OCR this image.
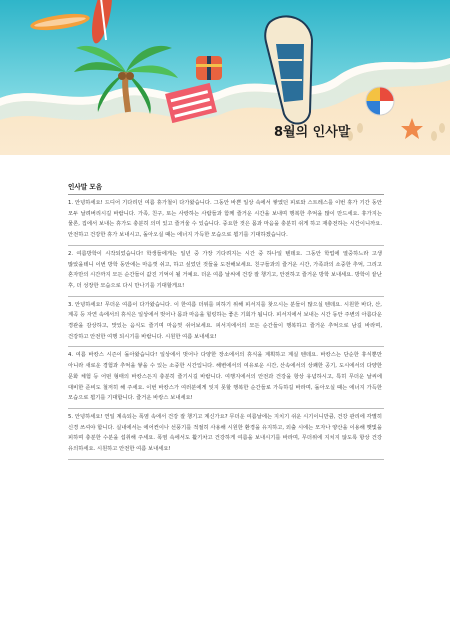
8월의 인사말
인사말 모음

1. 안녕하세요! 드디어 기다리던 여름 휴가철이 다가왔습니다. 그동안 바쁜 일상 속에서 쌓였던 피로와 스트레스를 이번 휴가 기간 동안 모두 날려버리시길 바랍니다. 가족, 친구, 또는 사랑하는 사람들과 함께 즐거운 시간을 보내며 행복한 추억을 많이 만드세요. 휴가지는 물론, 집에서 보내는 휴가도 충분히 의미 있고 즐거울 수 있습니다. 중요한 것은 몸과 마음을 충분히 쉬게 하고 재충전하는 시간이니까요. 안전하고 건강한 휴가 보내시고, 돌아오실 때는 에너지 가득한 모습으로 뵙기를 기대하겠습니다.

2. 여름방학이 시작되었습니다! 학생들에게는 일년 중 가장 기다려지는 시간 중 하나일 텐데요. 그동안 학업에 열중하느라 고생 많았을테니 이번 방학 동안에는 마음껏 쉬고, 하고 싶었던 것들을 도전해보세요. 친구들과의 즐거운 시간, 가족과의 소중한 추억, 그리고 혼자만의 시간까지 모든 순간들이 값진 기억이 될 거예요. 더운 여름 날씨에 건강 잘 챙기고, 안전하고 즐거운 방학 보내세요. 방학이 끝난 후, 더 성장한 모습으로 다시 만나기를 기대할게요!

3. 안녕하세요! 무더운 여름이 다가왔습니다. 이 한여름 더위를 피하기 위해 피서지를 찾으시는 분들이 많으실 텐데요. 시원한 바다, 산, 계곡 등 자연 속에서의 휴식은 일상에서 벗어나 몸과 마음을 힐링하는 좋은 기회가 됩니다. 피서지에서 보내는 시간 동안 주변의 아름다운 경관을 감상하고, 맛있는 음식도 즐기며 마음껏 쉬어보세요. 피서지에서의 모든 순간들이 행복하고 즐거운 추억으로 남길 바라며, 건강하고 안전한 여행 되시기를 바랍니다. 시원한 여름 보내세요!

4. 여름 바캉스 시즌이 돌아왔습니다! 일상에서 벗어나 다양한 장소에서의 휴식을 계획하고 계실 텐데요. 바캉스는 단순한 휴식뿐만 아니라 새로운 경험과 추억을 쌓을 수 있는 소중한 시간입니다. 해변에서의 여유로운 시간, 산속에서의 상쾌한 공기, 도시에서의 다양한 문화 체험 등 어떤 형태의 바캉스든지 충분히 즐기시길 바랍니다. 여행지에서의 안전과 건강을 항상 유념하시고, 특히 무더운 날씨에 대비한 준비도 철저히 해 주세요. 이번 바캉스가 여러분에게 잊지 못할 행복한 순간들로 가득하길 바라며, 돌아오실 때는 에너지 가득한 모습으로 뵙기를 기대합니다. 즐거운 바캉스 보내세요!

5. 안녕하세요! 연일 계속되는 폭염 속에서 건강 잘 챙기고 계신가요? 무더운 여름날에는 지치기 쉬운 시기이니만큼, 건강 관리에 각별히 신경 쓰셔야 합니다. 실내에서는 에어컨이나 선풍기를 적절히 사용해 시원한 환경을 유지하고, 외출 시에는 모자나 양산을 이용해 햇빛을 피하며 충분한 수분을 섭취해 주세요. 폭염 속에서도 활기차고 건강하게 여름을 보내시기를 바라며, 무더위에 지치지 않도록 항상 건강 유의하세요. 시원하고 안전한 여름 보내세요!
